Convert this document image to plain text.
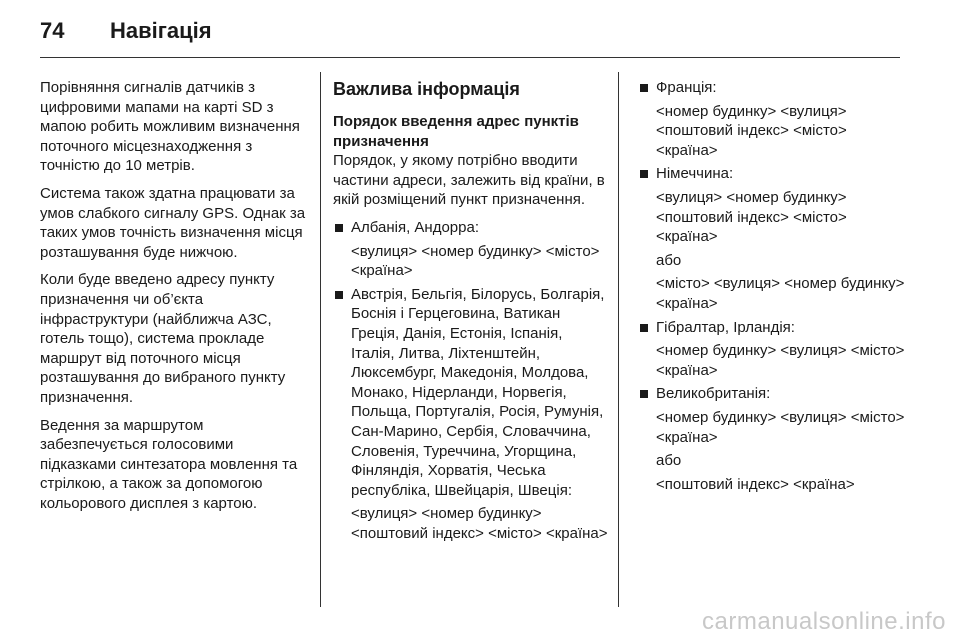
74	Навігація

Порівняння сигналів датчиків з цифровими мапами на карті SD з мапою робить можливим визначення поточного місцезнаходження з точністю до 10 метрів.

Система також здатна працювати за умов слабкого сигналу GPS. Однак за таких умов точність визначення місця розташування буде нижчою.

Коли буде введено адресу пункту призначення чи об’єкта інфраструктури (найближча АЗС, готель тощо), система прокладе маршрут від поточного місця розташування до вибраного пункту призначення.

Ведення за маршрутом забезпечується голосовими підказками синтезатора мовлення та стрілкою, а також за допомогою кольорового дисплея з картою.

Важлива інформація

Порядок введення адрес пунктів призначення

Порядок, у якому потрібно вводити частини адреси, залежить від країни, в якій розміщений пункт призначення.

Албанія, Андорра:

<вулиця> <номер будинку> <місто> <країна>

Австрія, Бельгія, Білорусь, Болгарія, Боснія і Герцеговина, Ватикан Греція, Данія, Естонія, Іспанія, Італія, Литва, Ліхтенштейн, Люксембург, Македонія, Молдова, Монако, Нідерланди, Норвегія, Польща, Португалія, Росія, Румунія, Сан-Марино, Сербія, Словаччина, Словенія, Туреччина, Угорщина, Фінляндія, Хорватія, Чеська республіка, Швейцарія, Швеція:

<вулиця> <номер будинку> <поштовий індекс> <місто> <країна>

Франція:

<номер будинку> <вулиця> <поштовий індекс> <місто> <країна>

Німеччина:

<вулиця> <номер будинку> <поштовий індекс> <місто> <країна>

або

<місто> <вулиця> <номер будинку> <країна>

Гібралтар, Ірландія:

<номер будинку> <вулиця> <місто> <країна>

Великобританія:

<номер будинку> <вулиця> <місто> <країна>

або

<поштовий індекс> <країна>

carmanualsonline.info
